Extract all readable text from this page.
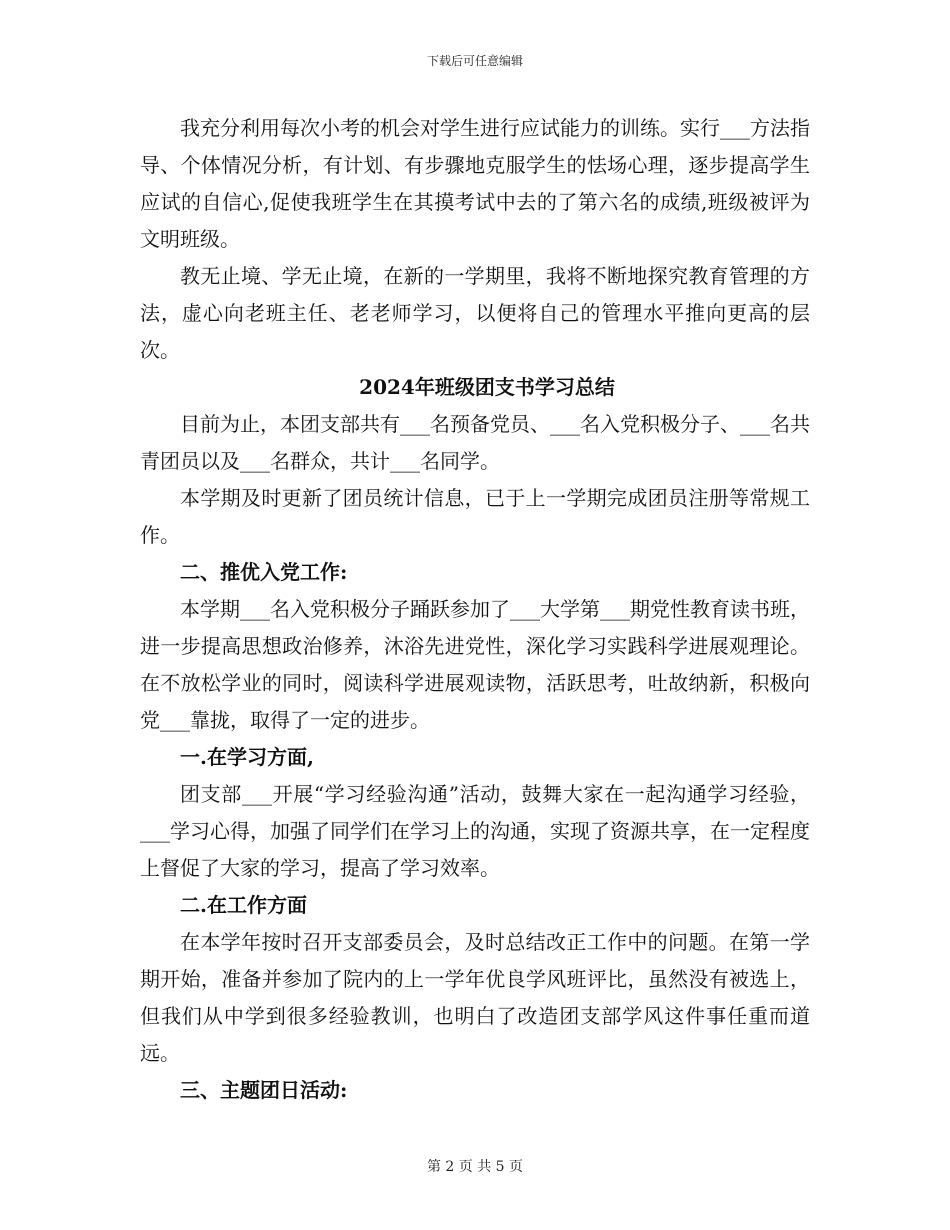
下载后可任意编辑

我充分利用每次小考的机会对学生进行应试能力的训练。实行___方法指导、个体情况分析，有计划、有步骤地克服学生的怯场心理，逐步提高学生应试的自信心,促使我班学生在其摸考试中去的了第六名的成绩,班级被评为文明班级。

教无止境、学无止境，在新的一学期里，我将不断地探究教育管理的方法，虚心向老班主任、老老师学习，以便将自己的管理水平推向更高的层次。

2024年班级团支书学习总结

目前为止，本团支部共有___名预备党员、___名入党积极分子、___名共青团员以及___名群众，共计___名同学。

本学期及时更新了团员统计信息，已于上一学期完成团员注册等常规工作。

二、推优入党工作:

本学期___名入党积极分子踊跃参加了___大学第___期党性教育读书班，进一步提高思想政治修养，沐浴先进党性，深化学习实践科学进展观理论。在不放松学业的同时，阅读科学进展观读物，活跃思考，吐故纳新，积极向党___靠拢，取得了一定的进步。

一.在学习方面,

团支部___开展“学习经验沟通”活动，鼓舞大家在一起沟通学习经验，___学习心得，加强了同学们在学习上的沟通，实现了资源共享，在一定程度上督促了大家的学习，提高了学习效率。

二.在工作方面

在本学年按时召开支部委员会，及时总结改正工作中的问题。在第一学期开始，准备并参加了院内的上一学年优良学风班评比，虽然没有被选上，但我们从中学到很多经验教训，也明白了改造团支部学风这件事任重而道远。

三、主题团日活动:

第 2 页 共 5 页
